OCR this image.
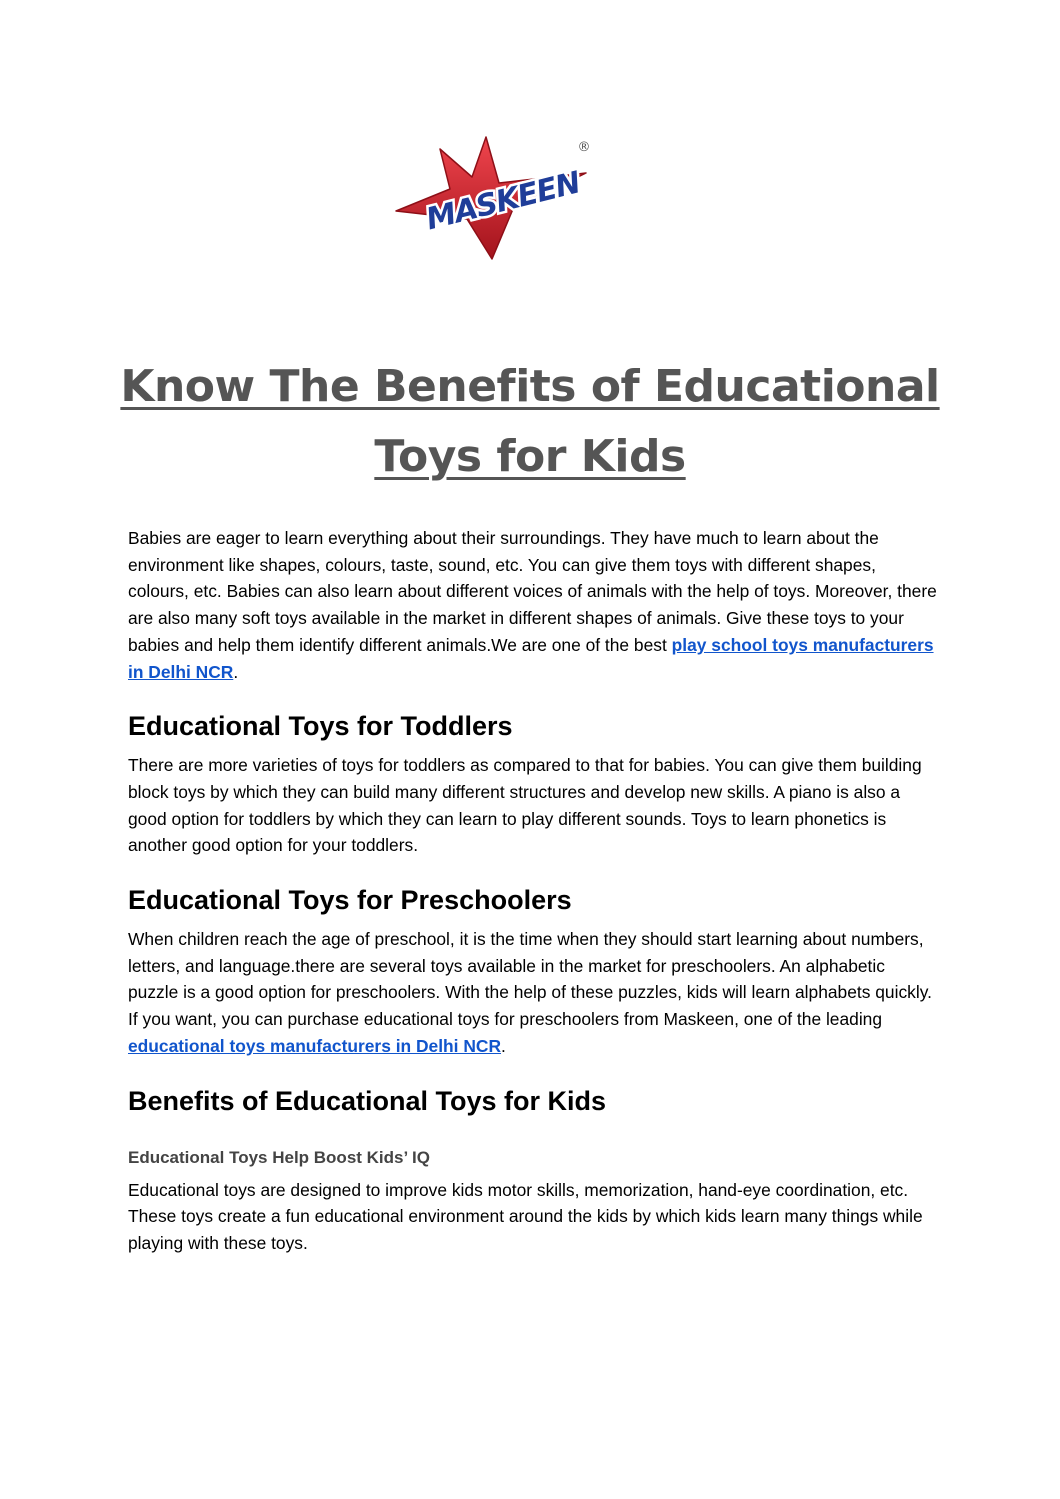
MASKEEN
®
Know The Benefits of Educational
Toys for Kids

Babies are eager to learn everything about their surroundings. They have much to learn about the environment like shapes, colours, taste, sound, etc. You can give them toys with different shapes, colours, etc. Babies can also learn about different voices of animals with the help of toys. Moreover, there are also many soft toys available in the market in different shapes of animals. Give these toys to your babies and help them identify different animals.We are one of the best play school toys manufacturers in Delhi NCR.

Educational Toys for Toddlers

There are more varieties of toys for toddlers as compared to that for babies. You can give them building block toys by which they can build many different structures and develop new skills. A piano is also a good option for toddlers by which they can learn to play different sounds. Toys to learn phonetics is another good option for your toddlers.

Educational Toys for Preschoolers

When children reach the age of preschool, it is the time when they should start learning about numbers, letters, and language.there are several toys available in the market for preschoolers. An alphabetic puzzle is a good option for preschoolers. With the help of these puzzles, kids will learn alphabets quickly. If you want, you can purchase educational toys for preschoolers from Maskeen, one of the leading educational toys manufacturers in Delhi NCR.

Benefits of Educational Toys for Kids
Educational Toys Help Boost Kids’ IQ

Educational toys are designed to improve kids motor skills, memorization, hand-eye coordination, etc. These toys create a fun educational environment around the kids by which kids learn many things while playing with these toys.
